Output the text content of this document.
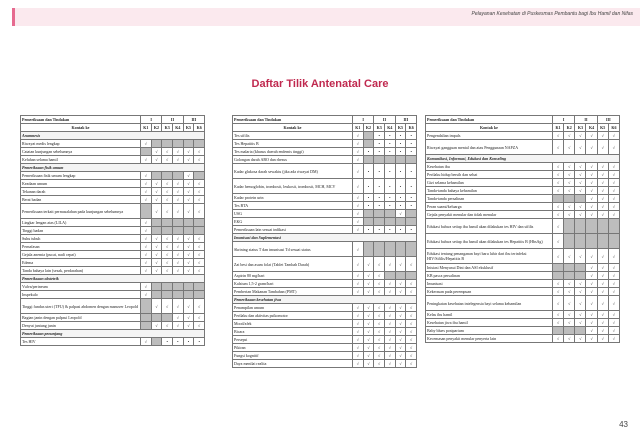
Pelayanan Kesehatan di Puskesmas Pembantu bagi Ibu Hamil dan Nifas
Daftar Tilik Antenatal Care
Pemeriksaan dan Tindakan	I		II		III	
Kontak ke	K1	K2	K3	K4	K5	K6
Anamnesis						
Riwayat medis lengkap	√					
Catatan kunjungan sebelumnya		√	√	√	√	√
Keluhan selama hamil	√	√	√	√	√	√
Pemeriksaan fisik umum						
Pemeriksaan fisik umum lengkap	√				√	
Keadaan umum	√	√	√	√	√	√
Tekanan darah	√	√	√	√	√	√
Berat badan	√	√	√	√	√	√
Pemeriksaan terkait permasalahan pada kunjungan sebelumnya		√	√	√	√	√
Lingkar lengan atas (LILA)	√					
Tinggi badan	√					
Suhu tubuh	√	√	√	√	√	√
Pernafasan	√	√	√	√	√	√
Gejala anemia (pucat, nadi cepat)	√	√	√	√	√	√
Edema	√	√	√	√	√	√
Tanda bahaya lain (sesak, perdarahan)	√	√	√	√	√	√
Pemeriksaan obstetrik						
Vulva/perineum	√					
Inspekulo	√					
Tinggi fundus uteri (TFU) & palpasi abdomen dengan manuver Leopold		√	√	√	√	√
Bagian janin dengan palpasi Leopold				√	√	√
Denyut jantung janin		√	√	√	√	√
Pemeriksaan penunjang						
Tes HIV	√		•	•	•	•
Pemeriksaan dan Tindakan	I		II		III	
Kontak ke	K1	K2	K3	K4	K5	K6
Tes sifilis	√		•	•	•	•
Tes Hepatitis B	√		•	•	•	•
Tes malaria (khusus daerah endemis tinggi)	√	•	•	•	•	•
Golongan darah ABO dan rhesus	√					
Kadar glukosa darah sewaktu (jika ada riwayat DM)	√	•	•	•	•	•
Kadar hemoglobin, trombosit, leukosit, trombosit, MCH, MCV	√	•	•	•	•	•
Kadar protein urin	√	•	•	•	•	•
Tes BTA	√	•	•	•	•	•
USG	√				√	
EKG	√					
Pemeriksaan lain sesuai indikasi	√	•	•	•	•	•
Imunisasi dan Suplementasi						
Skrining status T dan imunisasi Td sesuai status	√					
Zat besi dan asam folat (Tablet Tambah Darah)	√	√	√	√	√	√
Aspirin 80 mg/hari	√	√	√			
Kalsium 1,5-2 gram/hari	√	√	√	√	√	√
Pemberian Makanan Tambahan (PMT)	√	√	√	√	√	√
Pemeriksaan kesehatan jiwa						
Penampilan umum	√	√	√	√	√	√
Perilaku dan aktivitas psikomotor	√	√	√	√	√	√
Mood/afek	√	√	√	√	√	√
Bicara	√	√	√	√	√	√
Persepsi	√	√	√	√	√	√
Pikiran	√	√	√	√	√	√
Fungsi kognitif	√	√	√	√	√	√
Daya menilai realita	√	√	√	√	√	√
Pemeriksaan dan Tindakan	I		II		III	
Kontak ke	K1	K2	K3	K4	K5	K6
Pengendalian impuls	√	√	√	√	√	√
Riwayat gangguan mental dan atau Penggunaan NAPZA	√	√	√	√	√	√
Komunikasi, Informasi, Edukasi dan Konseling						
Kesehatan ibu	√	√	√	√	√	√
Perilaku hidup bersih dan sehat	√	√	√	√	√	√
Gizi selama kehamilan	√	√	√	√	√	√
Tanda-tanda bahaya kehamilan	√	√	√	√	√	√
Tanda-tanda persalinan				√	√	√
Peran suami/keluarga	√	√	√	√	√	√
Gejala penyakit menular dan tidak menular	√	√	√	√	√	√
Edukasi bahwa setiap ibu hamil akan dilakukan tes HIV dan sifilis	√					
Edukasi bahwa setiap ibu hamil akan dilakukan tes Hepatitis B (HbsAg)	√					
Edukasi tentang penanganan bayi baru lahir dari ibu terinfeksi HIV/Sifilis/Hepatitis B	√	√	√	√	√	√
Inisiasi Menyusui Dini dan ASI eksklusif				√	√	√
KB pasca persalinan				√	√	√
Imunisasi	√	√	√	√	√	√
Kekerasan pada perempuan	√	√	√	√	√	√
Peningkatan kesehatan intelegensia bayi selama kehamilan	√	√	√	√	√	√
Kelas ibu hamil	√	√	√	√	√	√
Kesehatan jiwa ibu hamil	√	√	√	√	√	√
Baby blues postpartum				√	√	√
Kecemasan penyakit menular penyerta lain	√	√	√	√	√	√
43
